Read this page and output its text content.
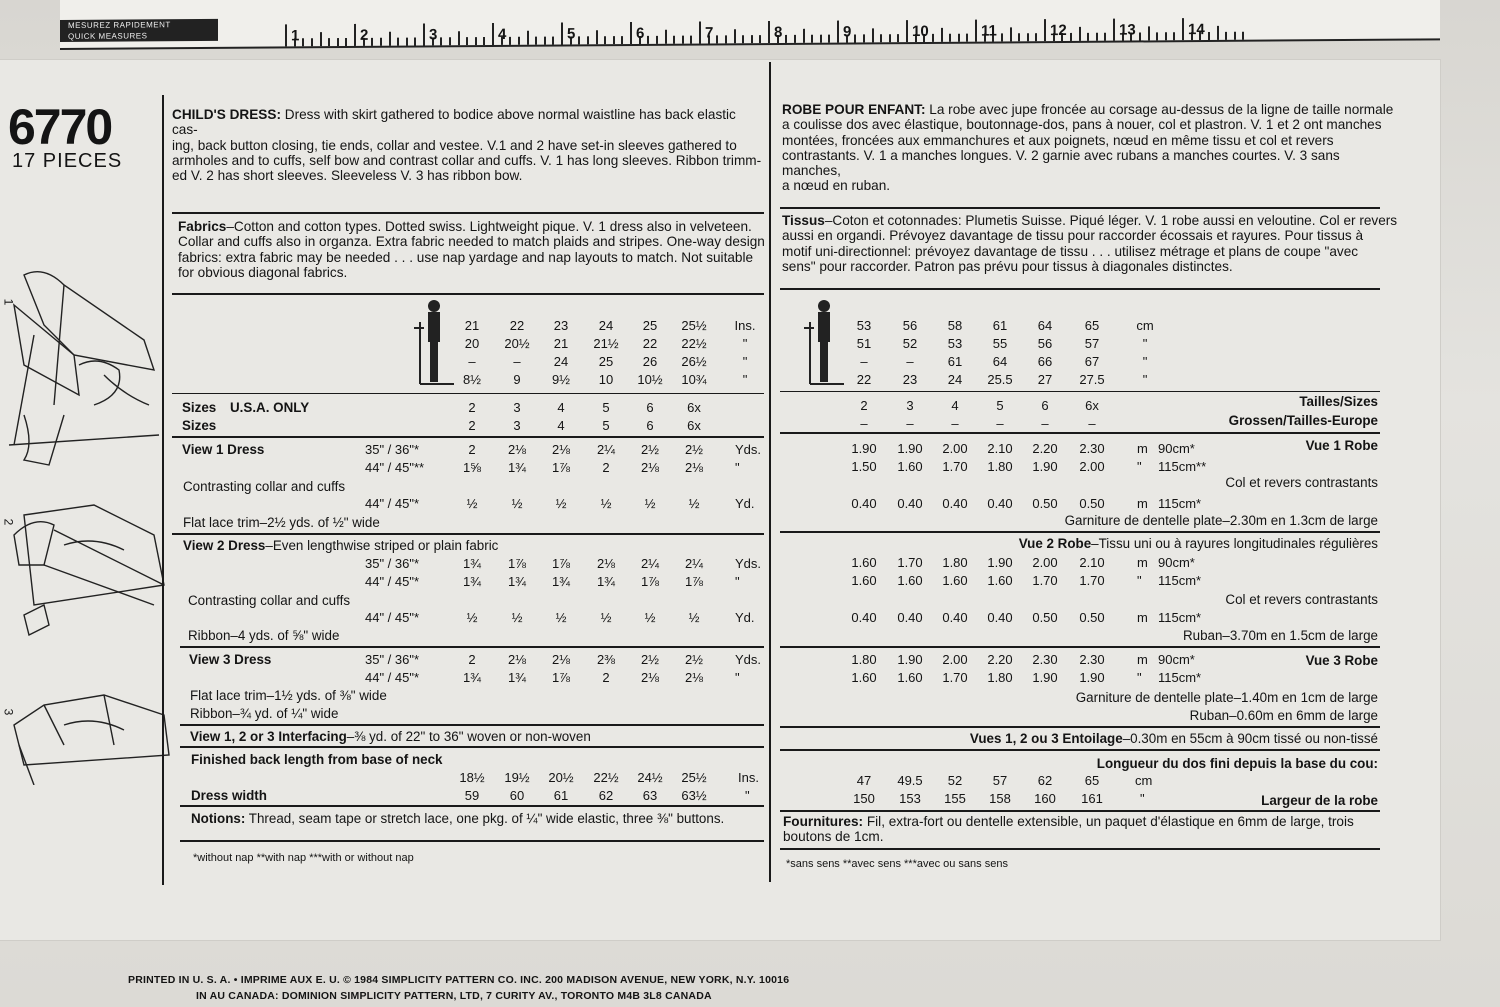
MESUREZ RAPIDEMENT
QUICK MEASURES	1	2	3	4	5	6	7	8	9	10	11	12	13	14
6770
17 PIECES
1
2
3
CHILD'S DRESS: Dress with skirt gathered to bodice above normal waistline has back elastic cas-
ing, back button closing, tie ends, collar and vestee. V.1 and 2 have set-in sleeves gathered to
armholes and to cuffs, self bow and contrast collar and cuffs. V. 1 has long sleeves. Ribbon trimm-
ed V. 2 has short sleeves. Sleeveless V. 3 has ribbon bow.
Fabrics–Cotton and cotton types. Dotted swiss. Lightweight pique. V. 1 dress also in velveteen.
Collar and cuffs also in organza. Extra fabric needed to match plaids and stripes. One-way design
fabrics: extra fabric may be needed . . . use nap yardage and nap layouts to match. Not suitable
for obvious diagonal fabrics.
21	22	23	24	25	25½	Ins.
20	20½	21	21½	22	22½	"
–	–	24	25	26	26½	"
8½	9	9½	10	10½	10¾	"
Sizes U.S.A. ONLY
Sizes
2	3	4	5	6	6x
2	3	4	5	6	6x
View 1 Dress	35" / 36"*	2	2⅛	2⅛	2¼	2½	2½	Yds.
44" / 45"**	1⅝	1¾	1⅞	2	2⅛	2⅛	"
Contrasting collar and cuffs
44" / 45"*	½	½	½	½	½	½	Yd.
Flat lace trim–2½ yds. of ½" wide
View 2 Dress–Even lengthwise striped or plain fabric
35" / 36"*	1¾	1⅞	1⅞	2⅛	2¼	2¼	Yds.
44" / 45"*	1¾	1¾	1¾	1¾	1⅞	1⅞	"
Contrasting collar and cuffs
44" / 45"*	½	½	½	½	½	½	Yd.
Ribbon–4 yds. of ⅝" wide
View 3 Dress	35" / 36"*	2	2⅛	2⅛	2⅜	2½	2½	Yds.
44" / 45"*	1¾	1¾	1⅞	2	2⅛	2⅛	"
Flat lace trim–1½ yds. of ⅜" wide
Ribbon–¾ yd. of ¼" wide
View 1, 2 or 3 Interfacing–⅜ yd. of 22" to 36" woven or non-woven
Finished back length from base of neck
18½	19½	20½	22½	24½	25½	Ins.
Dress width	59	60	61	62	63	63½	"
Notions: Thread, seam tape or stretch lace, one pkg. of ¼" wide elastic, three ⅜" buttons.
*without nap **with nap ***with or without nap
ROBE POUR ENFANT: La robe avec jupe froncée au corsage au-dessus de la ligne de taille normale
a coulisse dos avec élastique, boutonnage-dos, pans à nouer, col et plastron. V. 1 et 2 ont manches
montées, froncées aux emmanchures et aux poignets, nœud en même tissu et col et revers
contrastants. V. 1 a manches longues. V. 2 garnie avec rubans a manches courtes. V. 3 sans manches,
a nœud en ruban.
Tissus–Coton et cotonnades: Plumetis Suisse. Piqué léger. V. 1 robe aussi en veloutine. Col er revers
aussi en organdi. Prévoyez davantage de tissu pour raccorder écossais et rayures. Pour tissus à
motif uni-directionnel: prévoyez davantage de tissu . . . utilisez métrage et plans de coupe "avec
sens" pour raccorder. Patron pas prévu pour tissus à diagonales distinctes.
53	56	58	61	64	65	cm
51	52	53	55	56	57	"
–	–	61	64	66	67	"
22	23	24	25.5	27	27.5	"
Tailles/Sizes
Grossen/Tailles-Europe
2	3	4	5	6	6x
–	–	–	–	–	–
Vue 1 Robe
1.90	1.90	2.00	2.10	2.20	2.30	m 90cm*
1.50	1.60	1.70	1.80	1.90	2.00	" 115cm**
Col et revers contrastants
0.40	0.40	0.40	0.40	0.50	0.50	m 115cm*
Garniture de dentelle plate–2.30m en 1.3cm de large
Vue 2 Robe–Tissu uni ou à rayures longitudinales régulières
1.60	1.70	1.80	1.90	2.00	2.10	m 90cm*
1.60	1.60	1.60	1.60	1.70	1.70	" 115cm*
Col et revers contrastants
0.40	0.40	0.40	0.40	0.50	0.50	m 115cm*
Ruban–3.70m en 1.5cm de large
Vue 3 Robe
1.80	1.90	2.00	2.20	2.30	2.30	m 90cm*
1.60	1.60	1.70	1.80	1.90	1.90	" 115cm*
Garniture de dentelle plate–1.40m en 1cm de large
Ruban–0.60m en 6mm de large
Vues 1, 2 ou 3 Entoilage–0.30m en 55cm à 90cm tissé ou non-tissé
Longueur du dos fini depuis la base du cou:
47	49.5	52	57	62	65	cm
Largeur de la robe
150	153	155	158	160	161	"
Fournitures: Fil, extra-fort ou dentelle extensible, un paquet d'élastique en 6mm de large, trois
boutons de 1cm.
*sans sens **avec sens ***avec ou sans sens
PRINTED IN U. S. A. • IMPRIME AUX E. U. © 1984 SIMPLICITY PATTERN CO. INC. 200 MADISON AVENUE, NEW YORK, N.Y. 10016
IN AU CANADA: DOMINION SIMPLICITY PATTERN, LTD, 7 CURITY AV., TORONTO M4B 3L8 CANADA
